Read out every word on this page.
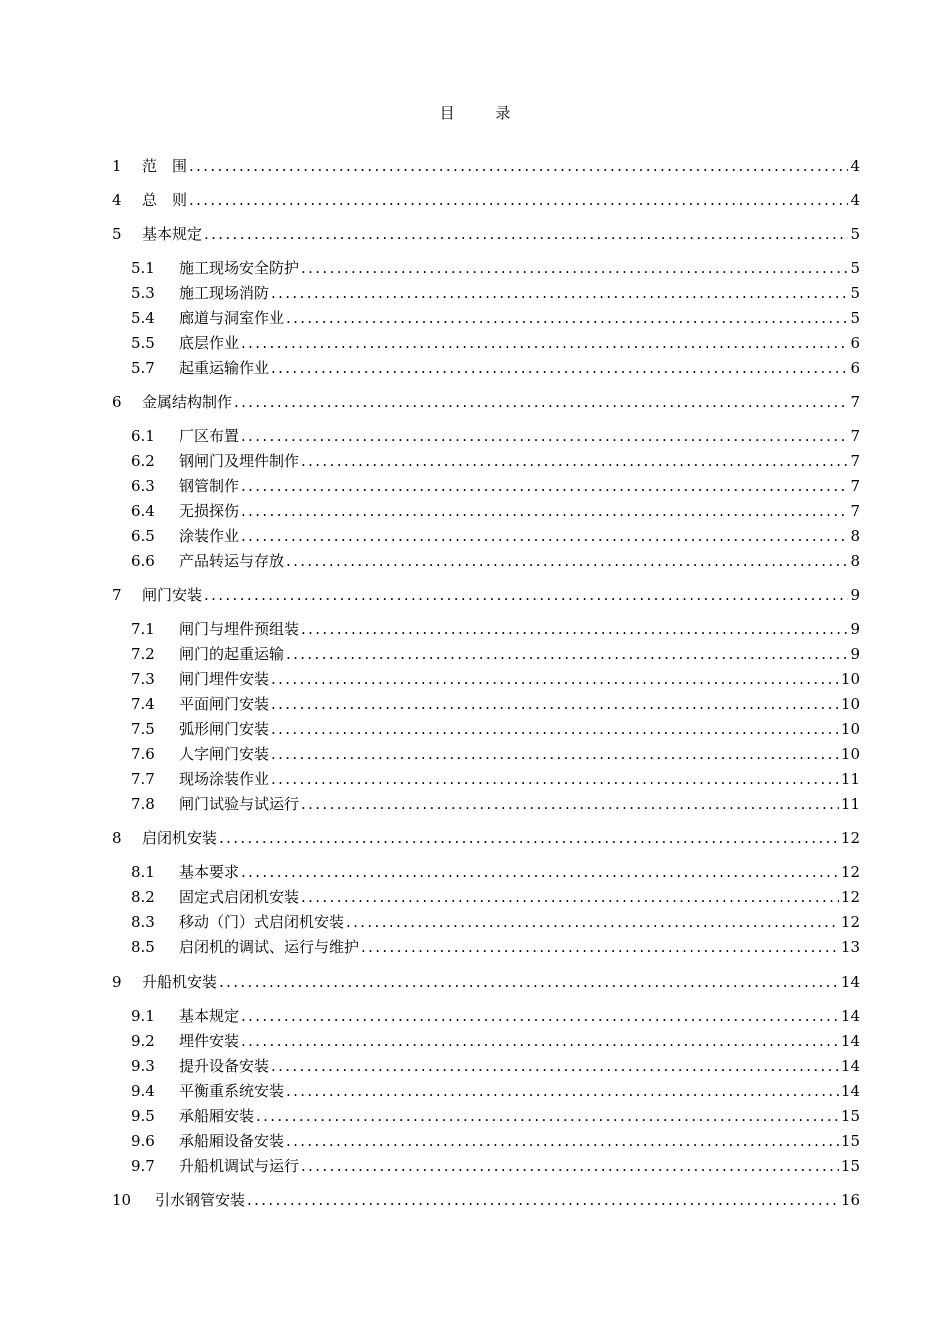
目 录
1	范　围 . . .	4
4	总　则 . . .	4
5	基本规定 . . .	5
5.1	施工现场安全防护 . . .	5
5.3	施工现场消防 . . .	5
5.4	廊道与洞室作业 . . .	5
5.5	底层作业 . . .	6
5.7	起重运输作业 . . .	6
6	金属结构制作 . . .	7
6.1	厂区布置 . . .	7
6.2	钢闸门及埋件制作 . . .	7
6.3	钢管制作 . . .	7
6.4	无损探伤 . . .	7
6.5	涂装作业 . . .	8
6.6	产品转运与存放 . . .	8
7	闸门安装 . . .	9
7.1	闸门与埋件预组装 . . .	9
7.2	闸门的起重运输 . . .	9
7.3	闸门埋件安装 . . .	10
7.4	平面闸门安装 . . .	10
7.5	弧形闸门安装 . . .	10
7.6	人字闸门安装 . . .	10
7.7	现场涂装作业 . . .	11
7.8	闸门试验与试运行 . . .	11
8	启闭机安装 . . .	12
8.1	基本要求 . . .	12
8.2	固定式启闭机安装 . . .	12
8.3	移动（门）式启闭机安装 . . .	12
8.5	启闭机的调试、运行与维护 . . .	13
9	升船机安装 . . .	14
9.1	基本规定 . . .	14
9.2	埋件安装 . . .	14
9.3	提升设备安装 . . .	14
9.4	平衡重系统安装 . . .	14
9.5	承船厢安装 . . .	15
9.6	承船厢设备安装 . . .	15
9.7	升船机调试与运行 . . .	15
10	引水钢管安装 . . .	16
